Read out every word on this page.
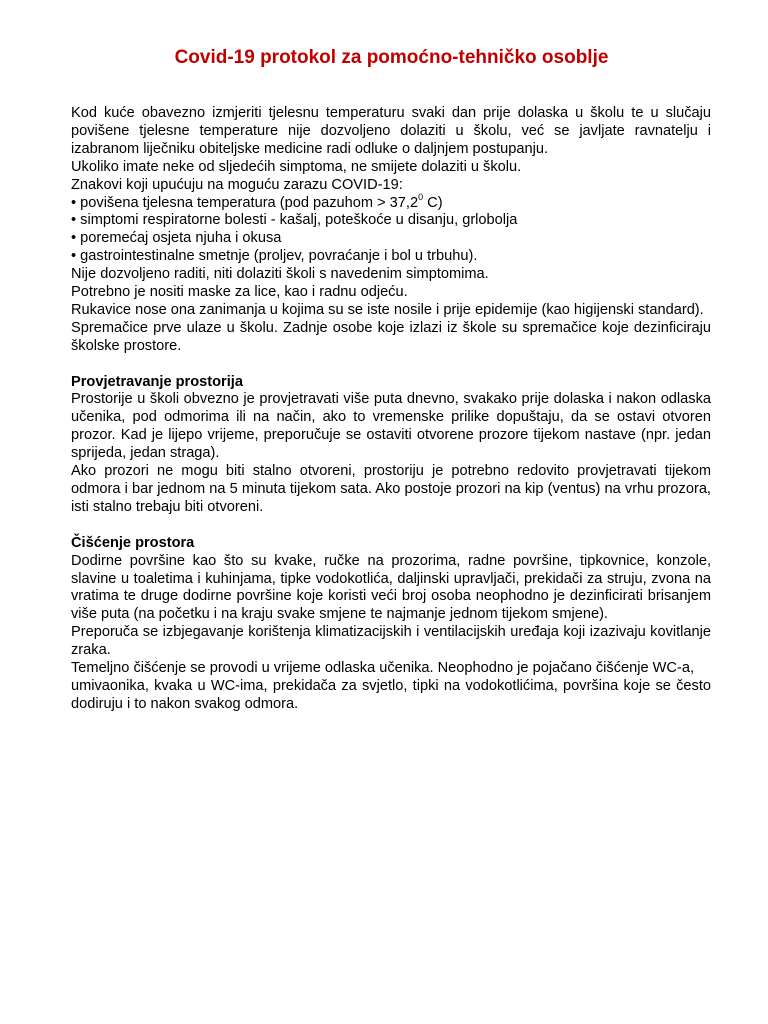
Covid-19 protokol za pomoćno-tehničko osoblje

Kod kuće obavezno izmjeriti tjelesnu temperaturu svaki dan prije dolaska u školu te u slučaju povišene tjelesne temperature nije dozvoljeno dolaziti u školu, već se javljate ravnatelju i izabranom liječniku obiteljske medicine radi odluke o daljnjem postupanju.

Ukoliko imate neke od sljedećih simptoma, ne smijete dolaziti u školu.

Znakovi koji upućuju na moguću zarazu COVID-19:

• povišena tjelesna temperatura (pod pazuhom > $37,2^0$ C)

• simptomi respiratorne bolesti - kašalj, poteškoće u disanju, grlobolja

• poremećaj osjeta njuha i okusa

• gastrointestinalne smetnje (proljev, povraćanje i bol u trbuhu).

Nije dozvoljeno raditi, niti dolaziti školi s navedenim simptomima.

Potrebno je nositi maske za lice, kao i radnu odjeću.

Rukavice nose ona zanimanja u kojima su se iste nosile i prije epidemije (kao higijenski standard).

Spremačice prve ulaze u školu. Zadnje osobe koje izlazi iz škole su spremačice koje dezinficiraju školske prostore.

Provjetravanje prostorija

Prostorije u školi obvezno je provjetravati više puta dnevno, svakako prije dolaska i nakon odlaska učenika, pod odmorima ili na način, ako to vremenske prilike dopuštaju, da se ostavi otvoren prozor. Kad je lijepo vrijeme, preporučuje se ostaviti otvorene prozore tijekom nastave (npr. jedan sprijeda, jedan straga).

Ako prozori ne mogu biti stalno otvoreni, prostoriju je potrebno redovito provjetravati tijekom odmora i bar jednom na 5 minuta tijekom sata. Ako postoje prozori na kip (ventus) na vrhu prozora, isti stalno trebaju biti otvoreni.

Čišćenje prostora

Dodirne površine kao što su kvake, ručke na prozorima, radne površine, tipkovnice, konzole, slavine u toaletima i kuhinjama, tipke vodokotlića, daljinski upravljači, prekidači za struju, zvona na vratima te druge dodirne površine koje koristi veći broj osoba neophodno je dezinficirati brisanjem više puta (na početku i na kraju svake smjene te najmanje jednom tijekom smjene).

Preporuča se izbjegavanje korištenja klimatizacijskih i ventilacijskih uređaja koji izazivaju kovitlanje zraka.

Temeljno čišćenje se provodi u vrijeme odlaska učenika. Neophodno je pojačano čišćenje WC-a,

umivaonika, kvaka u WC-ima, prekidača za svjetlo, tipki na vodokotlićima, površina koje se često dodiruju i to nakon svakog odmora.
